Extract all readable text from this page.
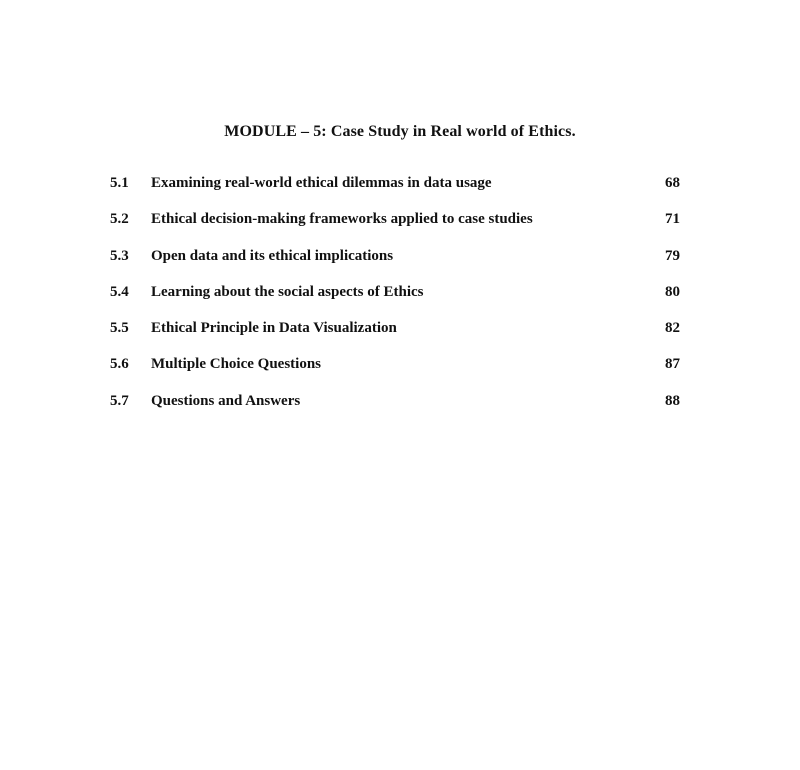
MODULE – 5: Case Study in Real world of Ethics.
5.1 Examining real-world ethical dilemmas in data usage	68
5.2 Ethical decision-making frameworks applied to case studies	71
5.3 Open data and its ethical implications	79
5.4 Learning about the social aspects of Ethics	80
5.5 Ethical Principle in Data Visualization	82
5.6 Multiple Choice Questions	87
5.7 Questions and Answers	88
